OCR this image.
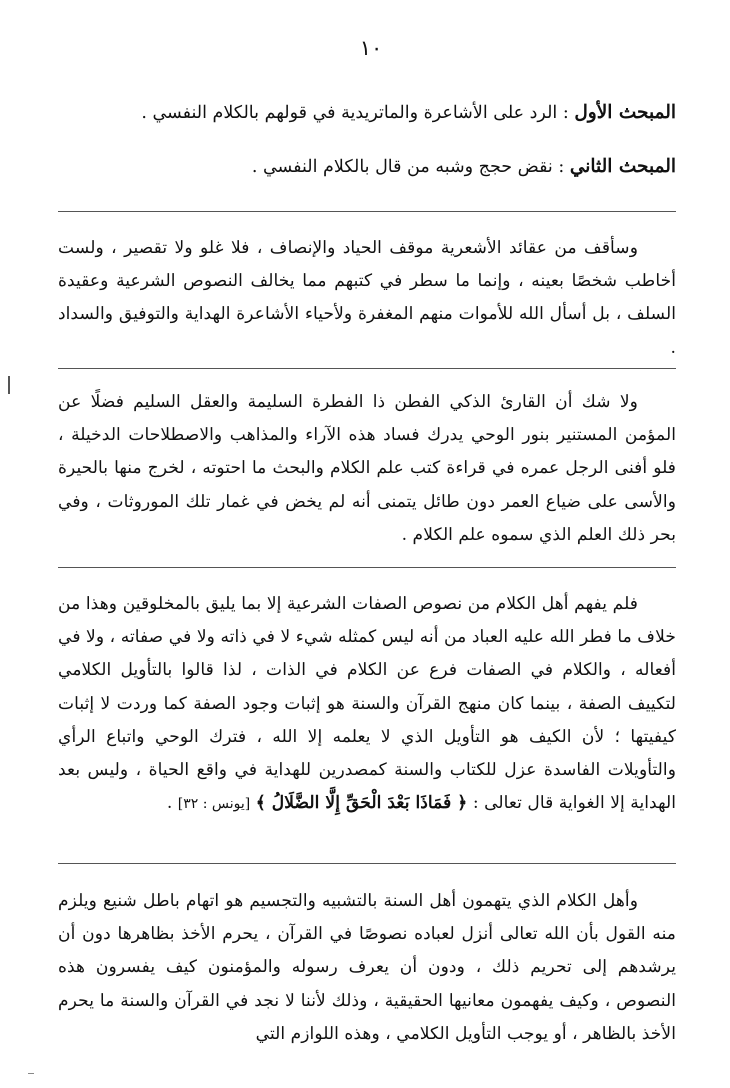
١٠
المبحث الأول : الرد على الأشاعرة والماتريدية في قولهم بالكلام النفسي .
المبحث الثاني : نقض حجج وشبه من قال بالكلام النفسي .
وسأقف من عقائد الأشعرية موقف الحياد والإنصاف ، فلا غلو ولا تقصير ، ولست أخاطب شخصًا بعينه ، وإنما ما سطر في كتبهم مما يخالف النصوص الشرعية وعقيدة السلف ، بل أسأل الله للأموات منهم المغفرة ولأحياء الأشاعرة الهداية والتوفيق والسداد .
ولا شك أن القارئ الذكي الفطن ذا الفطرة السليمة والعقل السليم فضلًا عن المؤمن المستنير بنور الوحي يدرك فساد هذه الآراء والمذاهب والاصطلاحات الدخيلة ، فلو أفنى الرجل عمره في قراءة كتب علم الكلام والبحث ما احتوته ، لخرج منها بالحيرة والأسى على ضياع العمر دون طائل يتمنى أنه لم يخض في غمار تلك الموروثات ، وفي بحر ذلك العلم الذي سموه علم الكلام .
فلم يفهم أهل الكلام من نصوص الصفات الشرعية إلا بما يليق بالمخلوقين وهذا من خلاف ما فطر الله عليه العباد من أنه ليس كمثله شيء لا في ذاته ولا في صفاته ، ولا في أفعاله ، والكلام في الصفات فرع عن الكلام في الذات ، لذا قالوا بالتأويل الكلامي لتكييف الصفة ، بينما كان منهج القرآن والسنة هو إثبات وجود الصفة كما وردت لا إثبات كيفيتها ؛ لأن الكيف هو التأويل الذي لا يعلمه إلا الله ، فترك الوحي واتباع الرأي والتأويلات الفاسدة عزل للكتاب والسنة كمصدرين للهداية في واقع الحياة ، وليس بعد الهداية إلا الغواية قال تعالى : ﴿ فَمَاذَا بَعْدَ الْحَقِّ إِلَّا الضَّلَالُ ﴾ [يونس : ٣٢] .
وأهل الكلام الذي يتهمون أهل السنة بالتشبيه والتجسيم هو اتهام باطل شنيع ويلزم منه القول بأن الله تعالى أنزل لعباده نصوصًا في القرآن ، يحرم الأخذ بظاهرها دون أن يرشدهم إلى تحريم ذلك ، ودون أن يعرف رسوله والمؤمنون كيف يفسرون هذه النصوص ، وكيف يفهمون معانيها الحقيقية ، وذلك لأننا لا نجد في القرآن والسنة ما يحرم الأخذ بالظاهر ، أو يوجب التأويل الكلامي ، وهذه اللوازم التي
